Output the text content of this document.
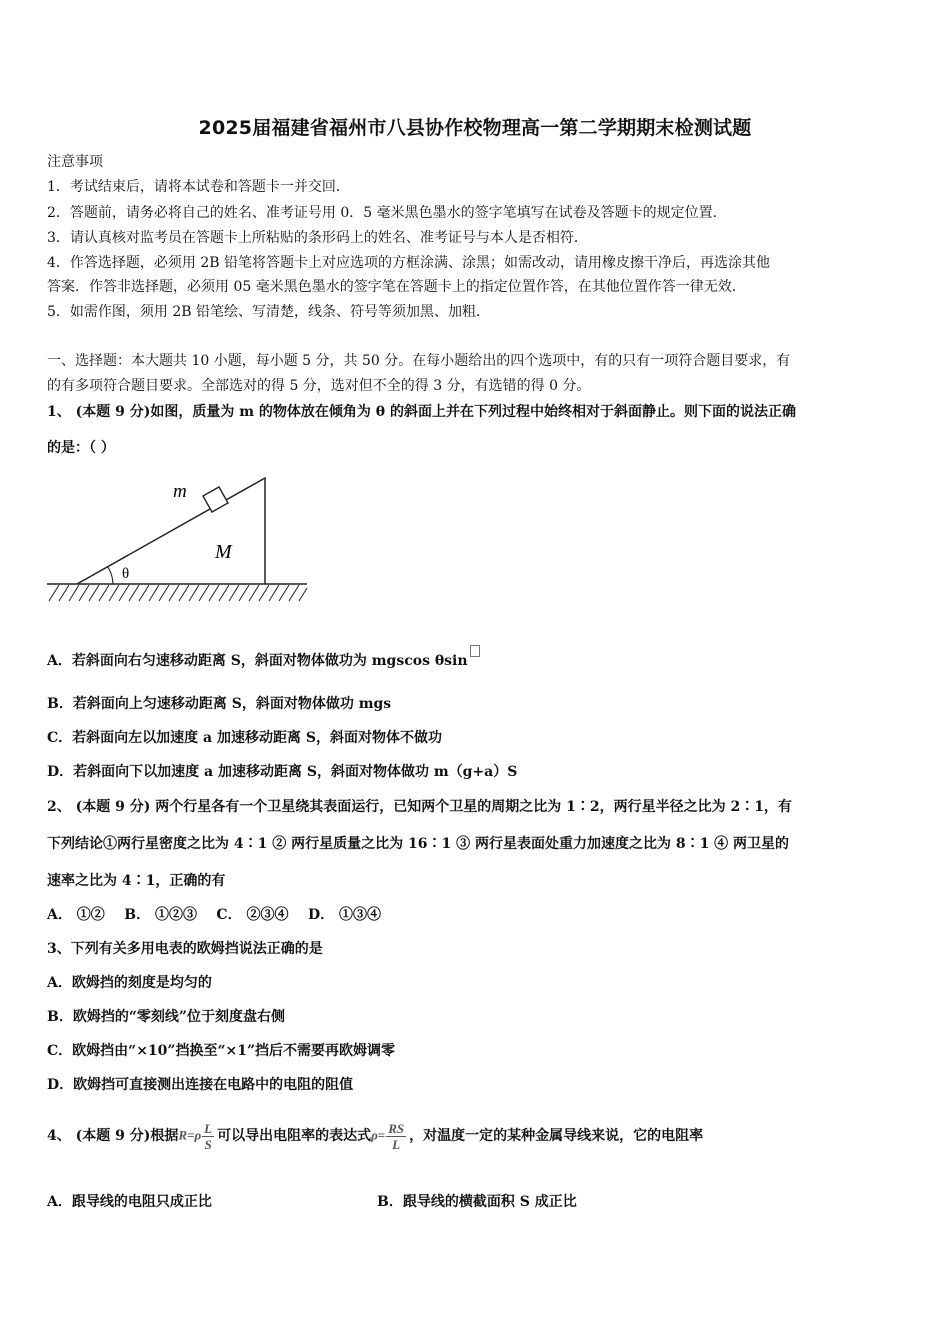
2025届福建省福州市八县协作校物理高一第二学期期末检测试题
注意事项
1．考试结束后，请将本试卷和答题卡一并交回．
2．答题前，请务必将自己的姓名、准考证号用 0．5 毫米黑色墨水的签字笔填写在试卷及答题卡的规定位置．
3．请认真核对监考员在答题卡上所粘贴的条形码上的姓名、准考证号与本人是否相符．
4．作答选择题，必须用 2B 铅笔将答题卡上对应选项的方框涂满、涂黑；如需改动，请用橡皮擦干净后，再选涂其他
答案．作答非选择题，必须用 05 毫米黑色墨水的签字笔在答题卡上的指定位置作答，在其他位置作答一律无效．
5．如需作图，须用 2B 铅笔绘、写清楚，线条、符号等须加黑、加粗．
一、选择题：本大题共 10 小题，每小题 5 分，共 50 分。在每小题给出的四个选项中，有的只有一项符合题目要求，有
的有多项符合题目要求。全部选对的得 5 分，选对但不全的得 3 分，有选错的得 0 分。
1、 (本题 9 分)如图，质量为 m 的物体放在倾角为 θ 的斜面上并在下列过程中始终相对于斜面静止。则下面的说法正确
的是：（ ）
m
M
θ
A．若斜面向右匀速移动距离 S，斜面对物体做功为 mgscos θsin
B．若斜面向上匀速移动距离 S，斜面对物体做功 mgs
C．若斜面向左以加速度 a 加速移动距离 S，斜面对物体不做功
D．若斜面向下以加速度 a 加速移动距离 S，斜面对物体做功 m（g+a）S
2、 (本题 9 分) 两个行星各有一个卫星绕其表面运行，已知两个卫星的周期之比为 1∶2，两行星半径之比为 2∶1，有
下列结论①两行星密度之比为 4∶1 ② 两行星质量之比为 16∶1 ③ 两行星表面处重力加速度之比为 8∶1 ④ 两卫星的
速率之比为 4∶1，正确的有
A． ①②    B． ①②③    C． ②③④    D． ①③④
3、下列有关多用电表的欧姆挡说法正确的是
A．欧姆挡的刻度是均匀的
B．欧姆挡的“零刻线”位于刻度盘右侧
C．欧姆挡由“×10”挡换至“×1”挡后不需要再欧姆调零
D．欧姆挡可直接测出连接在电路中的电阻的阻值
4、 (本题 9 分)根据 $R=\rho \frac{L}{S}$ 可以导出电阻率的表达式 $\rho= \frac{RS}{L}$ ，对温度一定的某种金属导线来说，它的电阻率
A．跟导线的电阻只成正比	B．跟导线的横截面积 S 成正比
